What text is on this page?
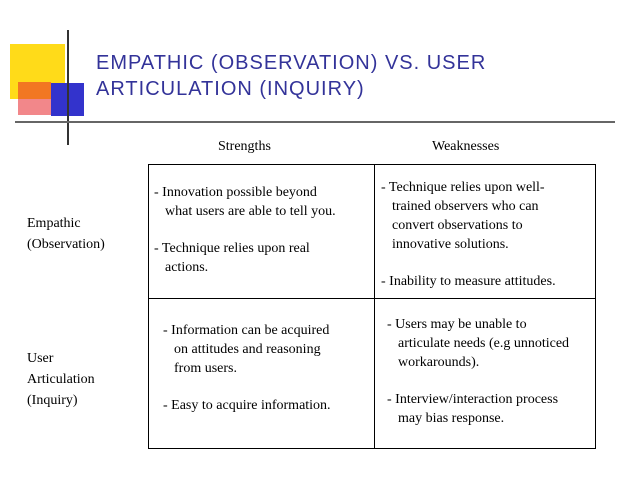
EMPATHIC (OBSERVATION) VS. USER
ARTICULATION (INQUIRY)
Strengths	Weaknesses
Empathic
(Observation)
User
Articulation
(Inquiry)
- Innovation possible beyond
what users are able to tell you.
- Technique relies upon real
actions.
- Technique relies upon well-
trained observers who can
convert observations to
innovative solutions.
- Inability to measure attitudes.
- Information can be acquired
on attitudes and reasoning
from users.
- Easy to acquire information.
- Users may be unable to
articulate needs (e.g unnoticed
workarounds).
- Interview/interaction process
may bias response.
